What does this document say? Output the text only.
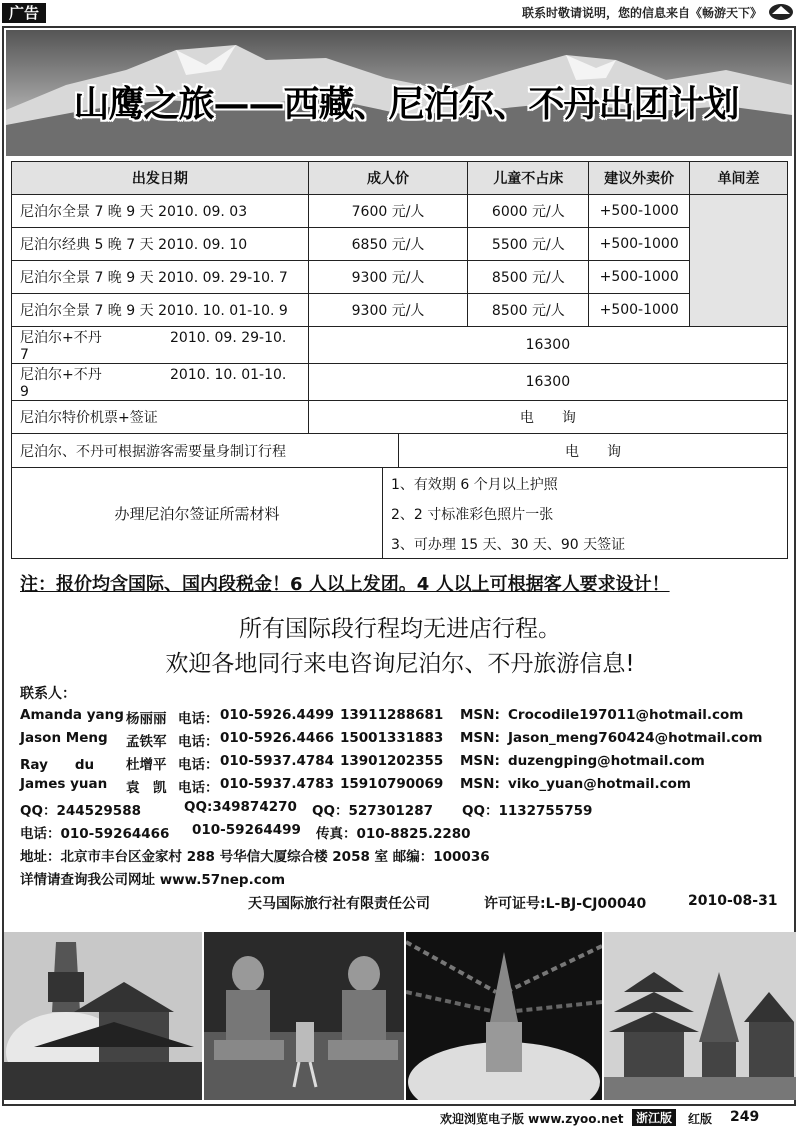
广告	联系时敬请说明，您的信息来自《畅游天下》
山鹰之旅——西藏、尼泊尔、不丹出团计划
出发日期	成人价	儿童不占床	建议外卖价	单间差
尼泊尔全景 7 晚 9 天 2010. 09. 03	7600 元/人	6000 元/人	+500-1000	
尼泊尔经典 5 晚 7 天 2010. 09. 10	6850 元/人	5500 元/人	+500-1000	
尼泊尔全景 7 晚 9 天 2010. 09. 29-10. 7	9300 元/人	8500 元/人	+500-1000	
尼泊尔全景 7 晚 9 天 2010. 10. 01-10. 9	9300 元/人	8500 元/人	+500-1000	
尼泊尔+不丹 2010. 09. 29-10. 7	16300			
尼泊尔+不丹 2010. 10. 01-10. 9	16300			
尼泊尔特价机票+签证	电　　询			

尼泊尔、不丹可根据游客需要量身制订行程 电　　询				

办理尼泊尔签证所需材料
1、有效期 6 个月以上护照
2、2 寸标准彩色照片一张
3、可办理 15 天、30 天、90 天签证				
注：报价均含国际、国内段税金！6 人以上发团。4 人以上可根据客人要求设计！
所有国际段行程均无进店行程。
欢迎各地同行来电咨询尼泊尔、不丹旅游信息!
联系人：
Amanda yang 杨丽丽 电话： 010-5926.4499 13911288681 MSN: Crocodile197011@hotmail.com
Jason Meng 孟铁军 电话： 010-5926.4466 15001331883 MSN: Jason_meng760424@hotmail.com
Ray　　du 杜增平 电话： 010-5937.4784 13901202355 MSN: duzengping@hotmail.com
James yuan 袁　凯 电话： 010-5937.4783 15910790069 MSN: viko_yuan@hotmail.com
QQ：244529588	QQ:349874270 QQ：527301287 QQ：1132755759
电话：010-59264466 010-59264499 传真：010-8825.2280
地址：北京市丰台区金家村 288 号华信大厦综合楼 2058 室 邮编：100036
详情请查询我公司网址 www.57nep.com
天马国际旅行社有限责任公司	许可证号:L-BJ-CJ00040	2010-08-31
欢迎浏览电子版 www.zyoo.net	浙江版	红版 249
